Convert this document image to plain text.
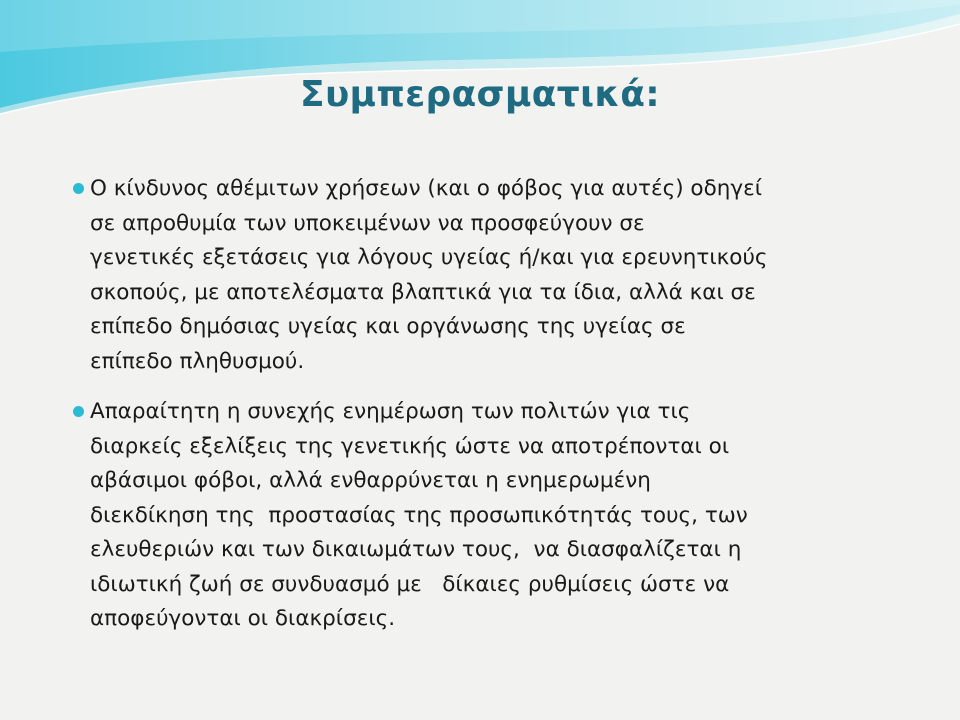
Συμπερασματικά:
Ο κίνδυνος αθέμιτων χρήσεων (και ο φόβος για αυτές) οδηγεί
σε απροθυμία των υποκειμένων να προσφεύγουν σε
γενετικές εξετάσεις για λόγους υγείας ή/και για ερευνητικούς
σκοπούς, με αποτελέσματα βλαπτικά για τα ίδια, αλλά και σε
επίπεδο δημόσιας υγείας και οργάνωσης της υγείας σε
επίπεδο πληθυσμού.
Απαραίτητη η συνεχής ενημέρωση των πολιτών για τις
διαρκείς εξελίξεις της γενετικής ώστε να αποτρέπονται οι
αβάσιμοι φόβοι, αλλά ενθαρρύνεται η ενημερωμένη
διεκδίκηση της  προστασίας της προσωπικότητάς τους, των
ελευθεριών και των δικαιωμάτων τους,  να διασφαλίζεται η
ιδιωτική ζωή σε συνδυασμό με   δίκαιες ρυθμίσεις ώστε να
αποφεύγονται οι διακρίσεις.
